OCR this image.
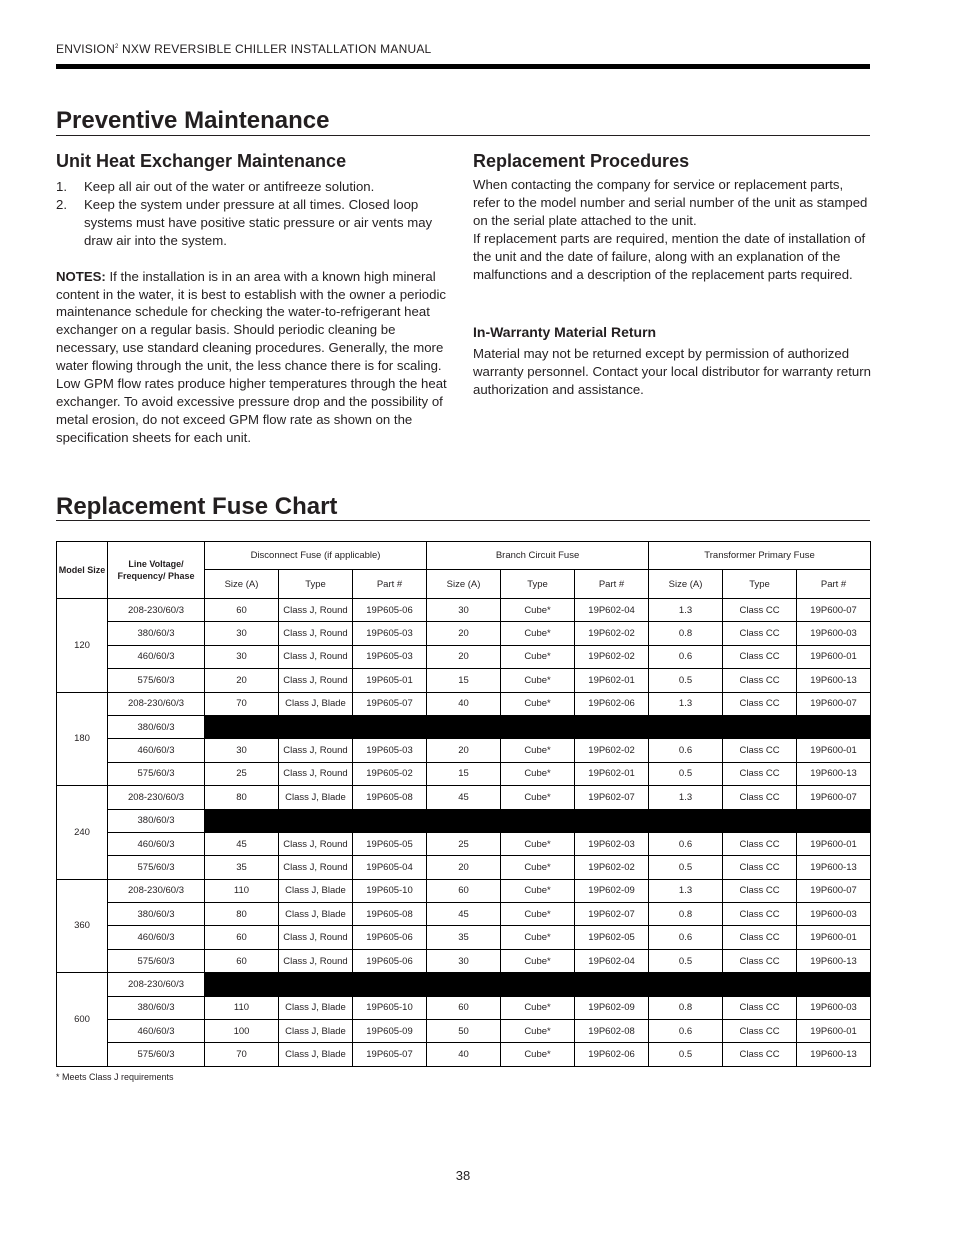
ENVISION$^2$ NXW REVERSIBLE CHILLER INSTALLATION MANUAL
Preventive Maintenance
Unit Heat Exchanger Maintenance
1. Keep all air out of the water or antifreeze solution.
2. Keep the system under pressure at all times. Closed loop systems must have positive static pressure or air vents may draw air into the system.

NOTES: If the installation is in an area with a known high mineral content in the water, it is best to establish with the owner a periodic maintenance schedule for checking the water-to-refrigerant heat exchanger on a regular basis. Should periodic cleaning be necessary, use standard cleaning procedures. Generally, the more water flowing through the unit, the less chance there is for scaling. Low GPM flow rates produce higher temperatures through the heat exchanger. To avoid excessive pressure drop and the possibility of metal erosion, do not exceed GPM flow rate as shown on the specification sheets for each unit.

Replacement Procedures

When contacting the company for service or replacement parts, refer to the model number and serial number of the unit as stamped on the serial plate attached to the unit.

If replacement parts are required, mention the date of installation of the unit and the date of failure, along with an explanation of the malfunctions and a description of the replacement parts required.

In-Warranty Material Return

Material may not be returned except by permission of authorized warranty personnel. Contact your local distributor for warranty return authorization and assistance.

Replacement Fuse Chart
Model Size	Line Voltage/ Frequency/ Phase	Disconnect Fuse (if applicable)			Branch Circuit Fuse			Transformer Primary Fuse		
		Size (A)	Type	Part #	Size (A)	Type	Part #	Size (A)	Type	Part #
120	208-230/60/3	60	Class J, Round	19P605-06	30	Cube*	19P602-04	1.3	Class CC	19P600-07
	380/60/3	30	Class J, Round	19P605-03	20	Cube*	19P602-02	0.8	Class CC	19P600-03
	460/60/3	30	Class J, Round	19P605-03	20	Cube*	19P602-02	0.6	Class CC	19P600-01
	575/60/3	20	Class J, Round	19P605-01	15	Cube*	19P602-01	0.5	Class CC	19P600-13
180	208-230/60/3	70	Class J, Blade	19P605-07	40	Cube*	19P602-06	1.3	Class CC	19P600-07
	380/60/3									
	460/60/3	30	Class J, Round	19P605-03	20	Cube*	19P602-02	0.6	Class CC	19P600-01
	575/60/3	25	Class J, Round	19P605-02	15	Cube*	19P602-01	0.5	Class CC	19P600-13
240	208-230/60/3	80	Class J, Blade	19P605-08	45	Cube*	19P602-07	1.3	Class CC	19P600-07
	380/60/3									
	460/60/3	45	Class J, Round	19P605-05	25	Cube*	19P602-03	0.6	Class CC	19P600-01
	575/60/3	35	Class J, Round	19P605-04	20	Cube*	19P602-02	0.5	Class CC	19P600-13
360	208-230/60/3	110	Class J, Blade	19P605-10	60	Cube*	19P602-09	1.3	Class CC	19P600-07
	380/60/3	80	Class J, Blade	19P605-08	45	Cube*	19P602-07	0.8	Class CC	19P600-03
	460/60/3	60	Class J, Round	19P605-06	35	Cube*	19P602-05	0.6	Class CC	19P600-01
	575/60/3	60	Class J, Round	19P605-06	30	Cube*	19P602-04	0.5	Class CC	19P600-13
600	208-230/60/3									
	380/60/3	110	Class J, Blade	19P605-10	60	Cube*	19P602-09	0.8	Class CC	19P600-03
	460/60/3	100	Class J, Blade	19P605-09	50	Cube*	19P602-08	0.6	Class CC	19P600-01
	575/60/3	70	Class J, Blade	19P605-07	40	Cube*	19P602-06	0.5	Class CC	19P600-13
* Meets Class J requirements
38
